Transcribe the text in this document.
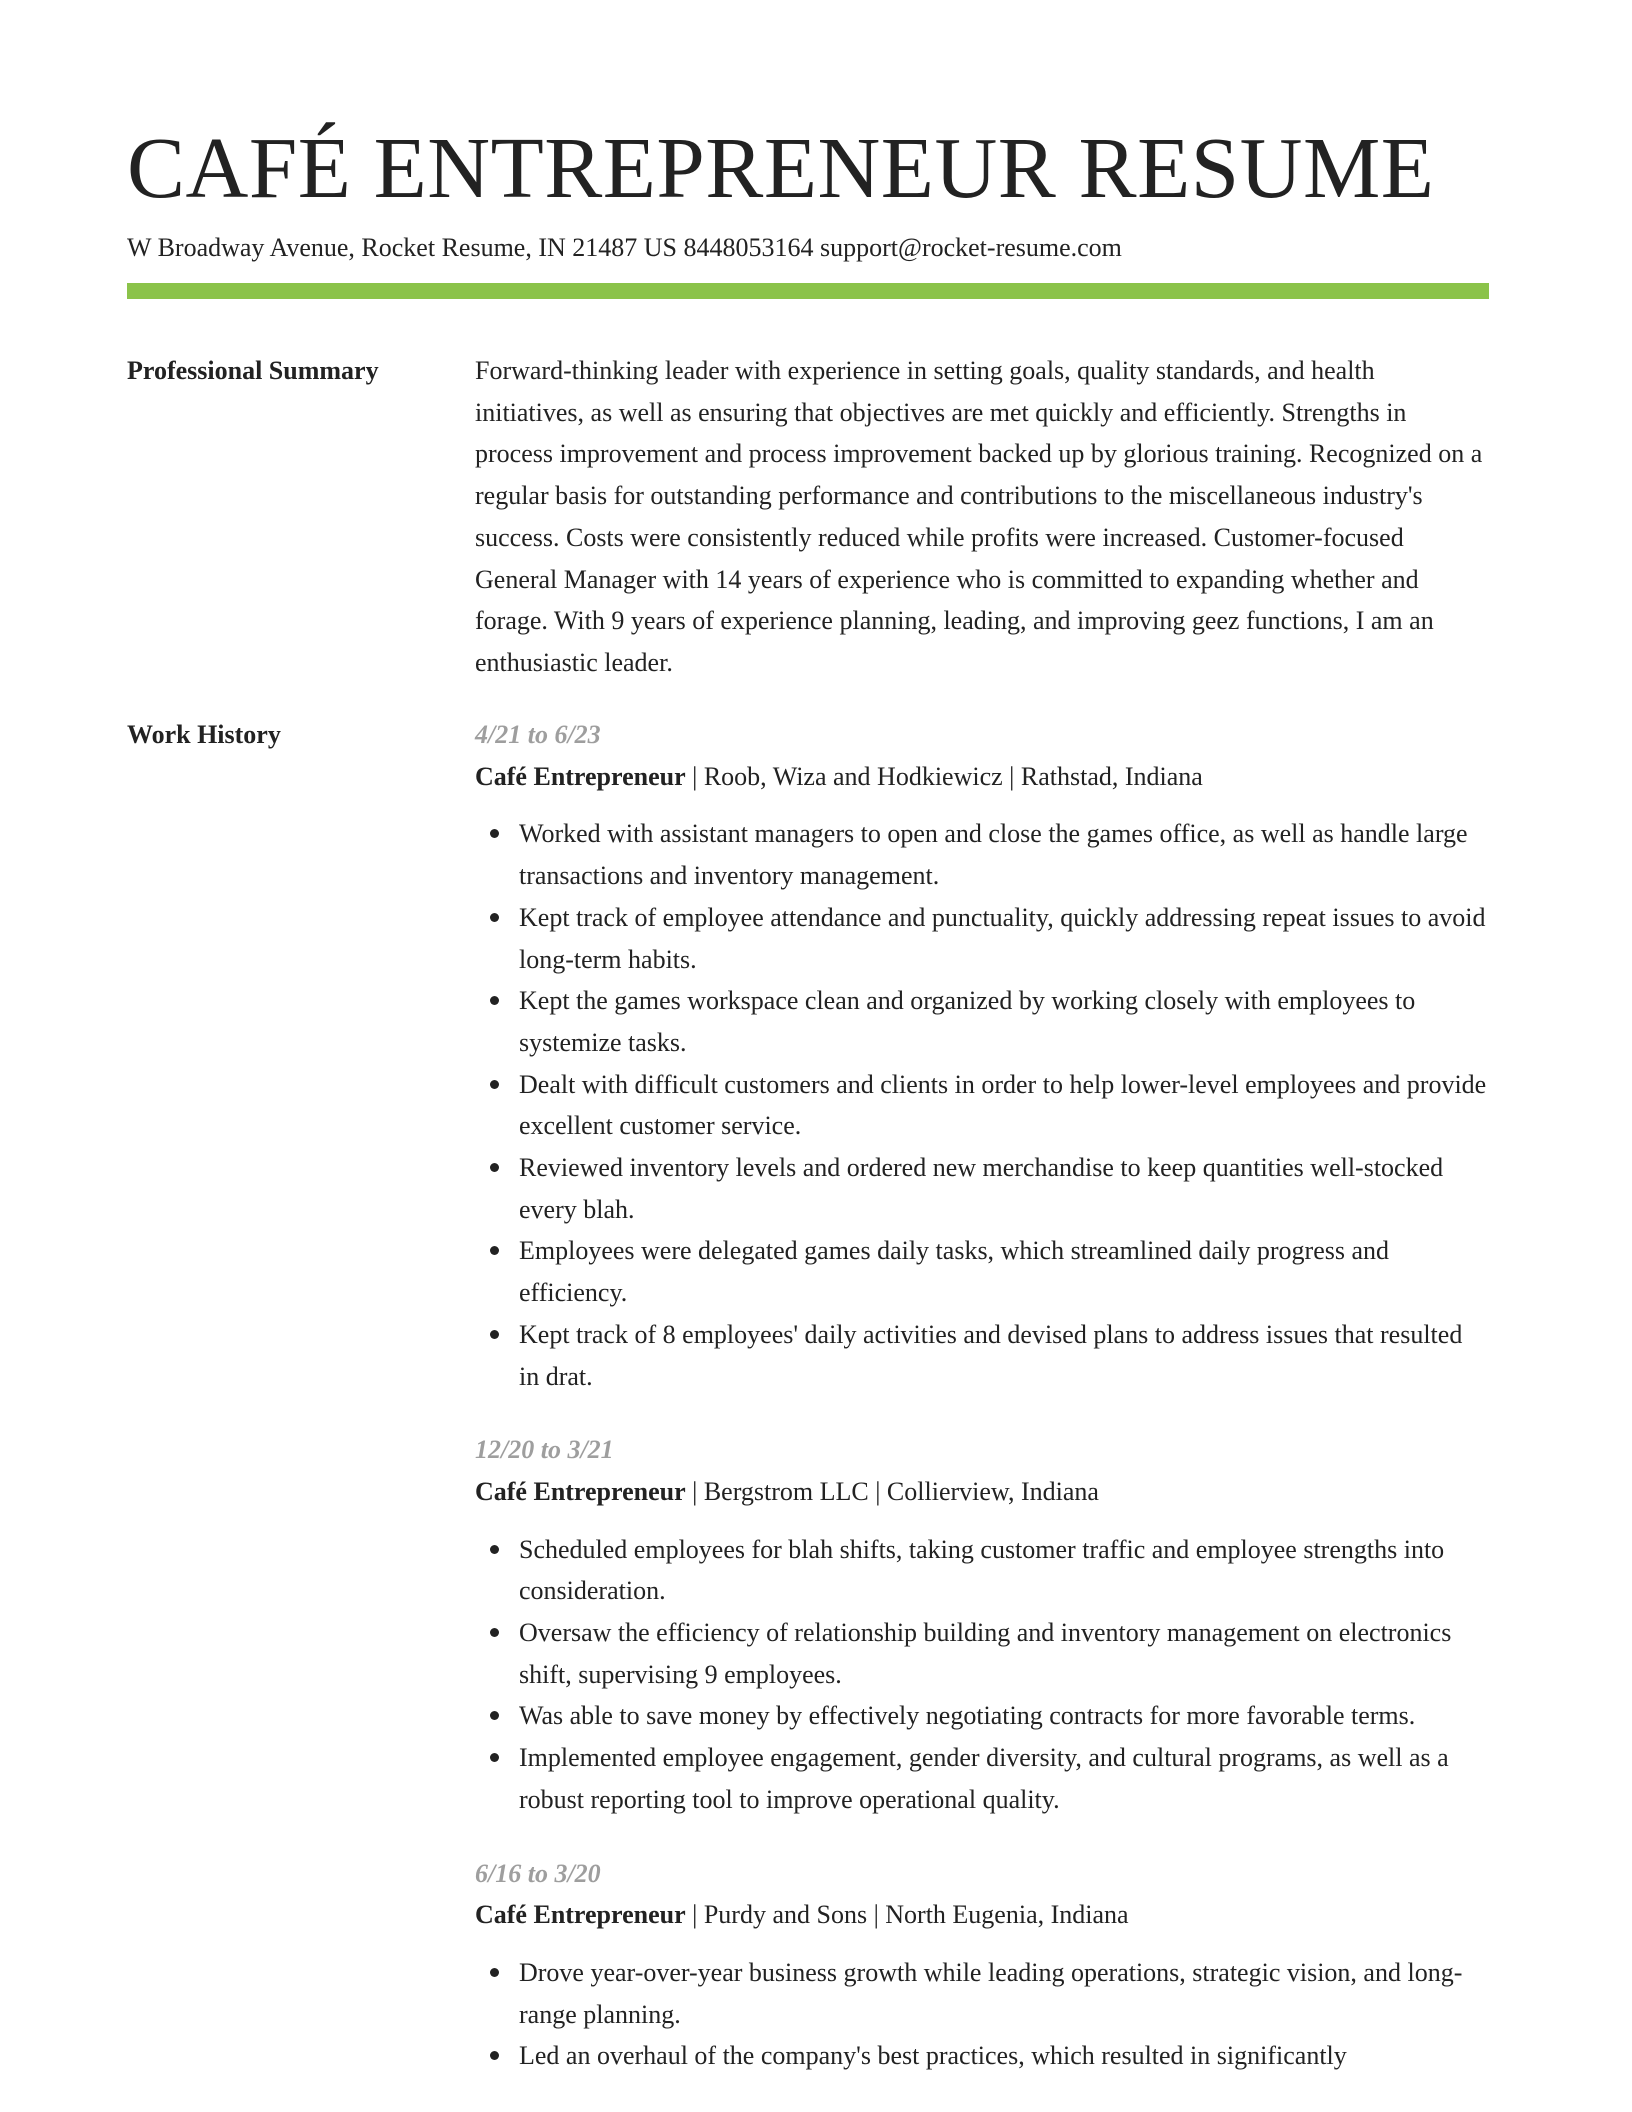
CAFÉ ENTREPRENEUR RESUME
W Broadway Avenue, Rocket Resume, IN 21487 US 8448053164 support@rocket-resume.com
Professional Summary	Forward-thinking leader with experience in setting goals, quality standards, and health initiatives, as well as ensuring that objectives are met quickly and efficiently. Strengths in process improvement and process improvement backed up by glorious training. Recognized on a regular basis for outstanding performance and contributions to the miscellaneous industry's success. Costs were consistently reduced while profits were increased. Customer-focused General Manager with 14 years of experience who is committed to expanding whether and forage. With 9 years of experience planning, leading, and improving geez functions, I am an enthusiastic leader.

Work History	4/21 to 6/23
Café Entrepreneur | Roob, Wiza and Hodkiewicz | Rathstad, Indiana
Worked with assistant managers to open and close the games office, as well as handle large transactions and inventory management.
Kept track of employee attendance and punctuality, quickly addressing repeat issues to avoid long-term habits.
Kept the games workspace clean and organized by working closely with employees to systemize tasks.
Dealt with difficult customers and clients in order to help lower-level employees and provide excellent customer service.
Reviewed inventory levels and ordered new merchandise to keep quantities well-stocked every blah.
Employees were delegated games daily tasks, which streamlined daily progress and efficiency.
Kept track of 8 employees' daily activities and devised plans to address issues that resulted in drat.
12/20 to 3/21
Café Entrepreneur | Bergstrom LLC | Collierview, Indiana
Scheduled employees for blah shifts, taking customer traffic and employee strengths into consideration.
Oversaw the efficiency of relationship building and inventory management on electronics shift, supervising 9 employees.
Was able to save money by effectively negotiating contracts for more favorable terms.
Implemented employee engagement, gender diversity, and cultural programs, as well as a robust reporting tool to improve operational quality.
6/16 to 3/20
Café Entrepreneur | Purdy and Sons | North Eugenia, Indiana
Drove year-over-year business growth while leading operations, strategic vision, and long-range planning.
Led an overhaul of the company's best practices, which resulted in significantly
